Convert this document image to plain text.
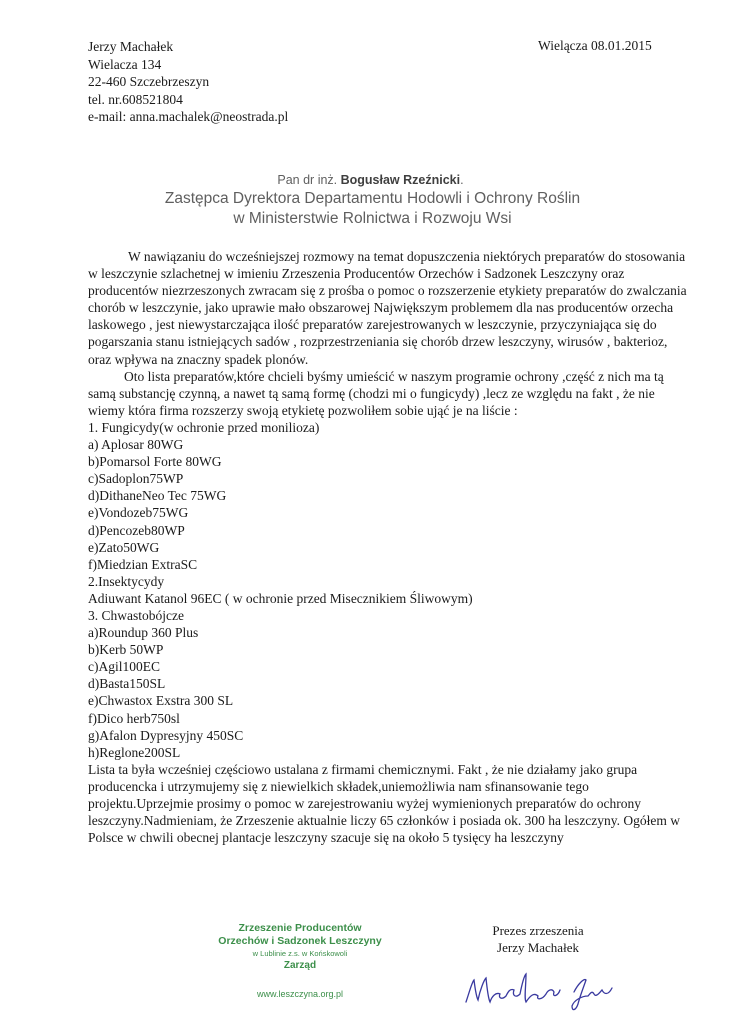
Jerzy Machałek
Wielacza 134
22-460 Szczebrzeszyn
tel. nr.608521804
e-mail: anna.machalek@neostrada.pl
Wielącza 08.01.2015
Pan dr inż. Bogusław Rzeźnicki.
Zastępca Dyrektora Departamentu Hodowli i Ochrony Roślin
w Ministerstwie Rolnictwa i Rozwoju Wsi

W nawiązaniu do wcześniejszej rozmowy na temat dopuszczenia niektórych preparatów do stosowania w leszczynie szlachetnej w imieniu Zrzeszenia Producentów Orzechów i Sadzonek Leszczyny oraz producentów niezrzeszonych zwracam się z prośba o pomoc o rozszerzenie etykiety preparatów do zwalczania chorób w leszczynie, jako uprawie mało obszarowej Największym problemem dla nas producentów orzecha laskowego , jest niewystarczająca ilość preparatów zarejestrowanych w leszczynie, przyczyniająca się do pogarszania stanu istniejących sadów , rozprzestrzeniania się chorób drzew leszczyny, wirusów , bakterioz, oraz wpływa na znaczny spadek plonów.

Oto lista preparatów,które chcieli byśmy umieścić w naszym programie ochrony ,część z nich ma tą samą substancję czynną, a nawet tą samą formę (chodzi mi o fungicydy) ,lecz ze względu na fakt , że nie wiemy która firma rozszerzy swoją etykietę pozwoliłem sobie ująć je na liście :

1. Fungicydy(w ochronie przed monilioza)
a) Aplosar 80WG
b)Pomarsol Forte 80WG
c)Sadoplon75WP
d)DithaneNeo Tec 75WG
e)Vondozeb75WG
d)Pencozeb80WP
e)Zato50WG
f)Miedzian ExtraSC
2.Insektycydy
Adiuwant Katanol 96EC ( w ochronie przed Misecznikiem Śliwowym)
3. Chwastobójcze
a)Roundup 360 Plus
b)Kerb 50WP
c)Agil100EC
d)Basta150SL
e)Chwastox Exstra 300 SL
f)Dico herb750sl
g)Afalon Dypresyjny 450SC
h)Reglone200SL

Lista ta była wcześniej częściowo ustalana z firmami chemicznymi. Fakt , że nie działamy jako grupa producencka i utrzymujemy się z niewielkich składek,uniemożliwia nam sfinansowanie tego projektu.Uprzejmie prosimy o pomoc w zarejestrowaniu wyżej wymienionych preparatów do ochrony leszczyny.Nadmieniam, że Zrzeszenie aktualnie liczy 65 członków i posiada ok. 300 ha leszczyny. Ogółem w Polsce w chwili obecnej plantacje leszczyny szacuje się na około 5 tysięcy ha leszczyny

Zrzeszenie Producentów
Orzechów i Sadzonek Leszczyny
w Lublinie z.s. w Końskowoli
Zarząd
www.leszczyna.org.pl
Prezes zrzeszenia
Jerzy Machałek
